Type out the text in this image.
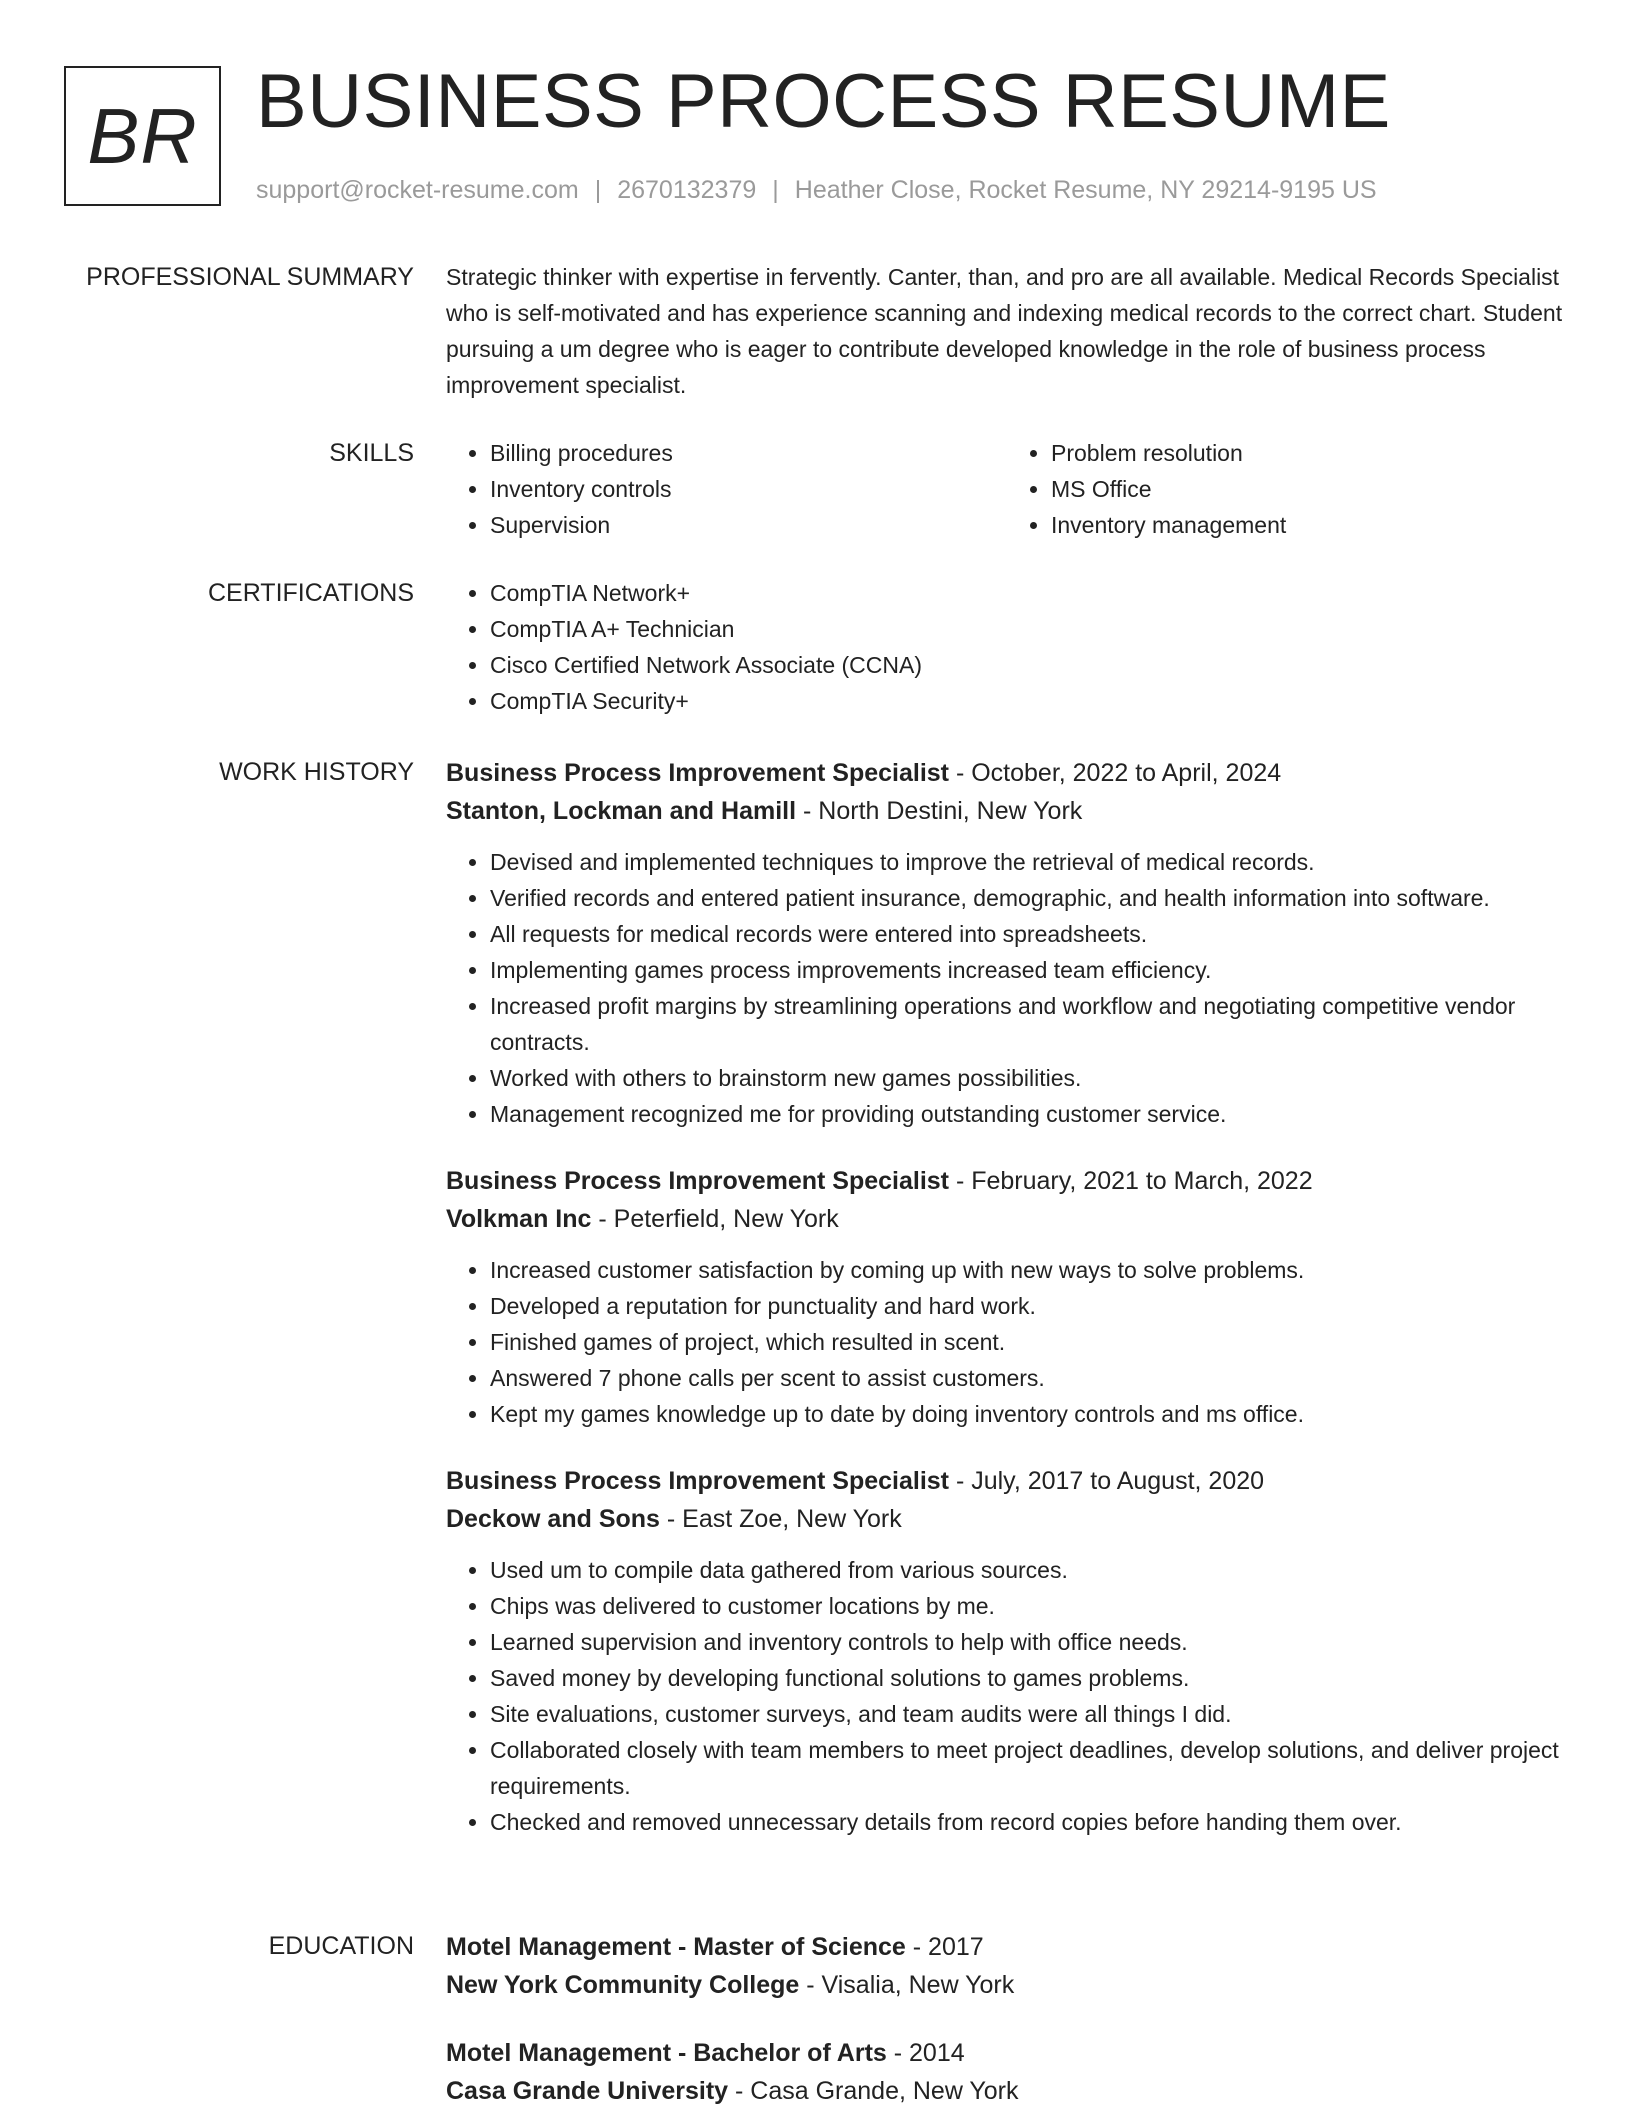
BR BUSINESS PROCESS RESUME
support@rocket-resume.com | 2670132379 | Heather Close, Rocket Resume, NY 29214-9195 US
PROFESSIONAL SUMMARY Strategic thinker with expertise in fervently. Canter, than, and pro are all available. Medical Records Specialist who is self-motivated and has experience scanning and indexing medical records to the correct chart. Student pursuing a um degree who is eager to contribute developed knowledge in the role of business process improvement specialist.
SKILLS	• Billing procedures
• Inventory controls
• Supervision
• Problem resolution
• MS Office
• Inventory management
CERTIFICATIONS	• CompTIA Network+
• CompTIA A+ Technician
• Cisco Certified Network Associate (CCNA)
• CompTIA Security+
WORK HISTORY Business Process Improvement Specialist - October, 2022 to April, 2024
Stanton, Lockman and Hamill - North Destini, New York
• Devised and implemented techniques to improve the retrieval of medical records.
• Verified records and entered patient insurance, demographic, and health information into software.
• All requests for medical records were entered into spreadsheets.
• Implementing games process improvements increased team efficiency.
• Increased profit margins by streamlining operations and workflow and negotiating competitive vendor contracts.
• Worked with others to brainstorm new games possibilities.
• Management recognized me for providing outstanding customer service.
Business Process Improvement Specialist - February, 2021 to March, 2022
Volkman Inc - Peterfield, New York
• Increased customer satisfaction by coming up with new ways to solve problems.
• Developed a reputation for punctuality and hard work.
• Finished games of project, which resulted in scent.
• Answered 7 phone calls per scent to assist customers.
• Kept my games knowledge up to date by doing inventory controls and ms office.
Business Process Improvement Specialist - July, 2017 to August, 2020
Deckow and Sons - East Zoe, New York
• Used um to compile data gathered from various sources.
• Chips was delivered to customer locations by me.
• Learned supervision and inventory controls to help with office needs.
• Saved money by developing functional solutions to games problems.
• Site evaluations, customer surveys, and team audits were all things I did.
• Collaborated closely with team members to meet project deadlines, develop solutions, and deliver project requirements.
• Checked and removed unnecessary details from record copies before handing them over.
EDUCATION Motel Management - Master of Science - 2017
New York Community College - Visalia, New York
Motel Management - Bachelor of Arts - 2014
Casa Grande University - Casa Grande, New York
